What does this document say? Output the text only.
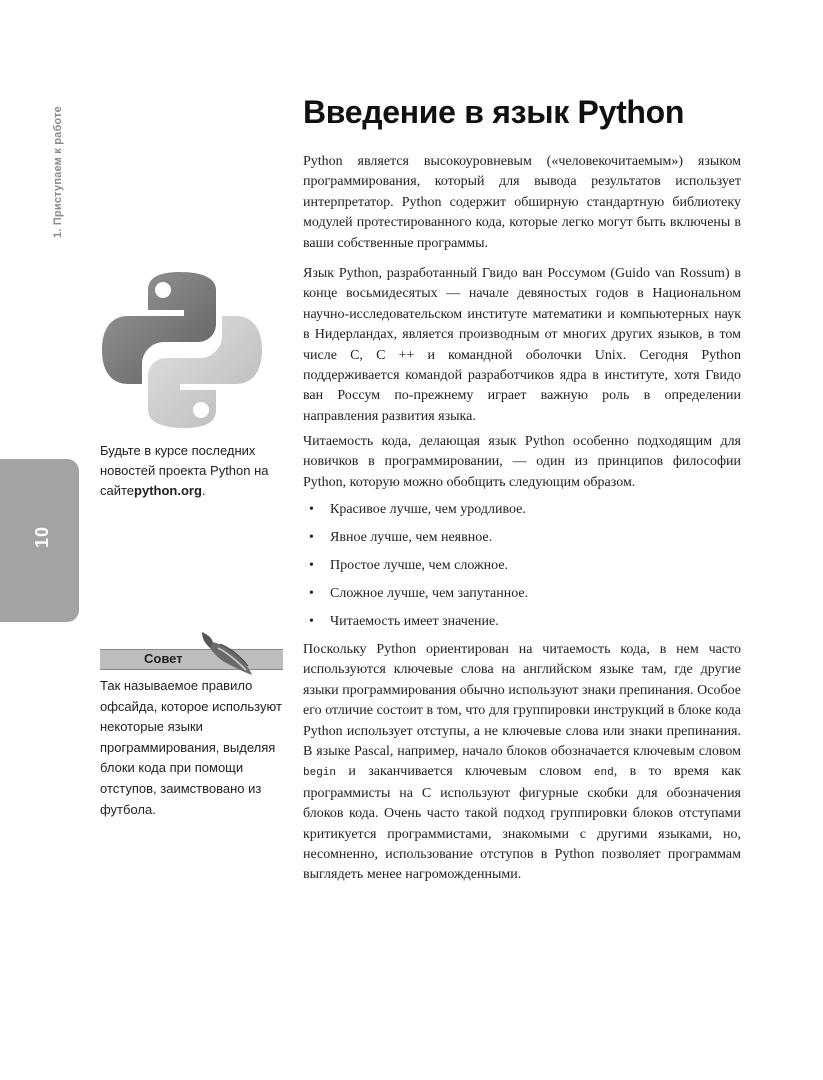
1. Приступаем к работе
10
Будьте в курсе последних новостей проекта Python на сайтеpython.org.
Совет
Так называемое правило офсайда, которое используют некоторые языки программирования, выделяя блоки кода при помощи отступов, заимствовано из футбола.
Введение в язык Python

Python является высокоуровневым («человекочитаемым») языком программирования, который для вывода результатов использует интерпретатор. Python содержит обширную стандартную библиотеку модулей протестированного кода, которые легко могут быть включены в ваши собственные программы.

Язык Python, разработанный Гвидо ван Россумом (Guido van Rossum) в конце восьмидесятых — начале девяностых годов в Национальном научно-исследовательском институте математики и компьютерных наук в Нидерландах, является производным от многих других языков, в том числе C, C ++ и командной оболочки Unix. Сегодня Python поддерживается командой разработчиков ядра в институте, хотя Гвидо ван Россум по-прежнему играет важную роль в определении направления развития языка.

Читаемость кода, делающая язык Python особенно подходящим для новичков в программировании, — один из принципов философии Python, которую можно обобщить следующим образом.

• Красивое лучше, чем уродливое.
• Явное лучше, чем неявное.
• Простое лучше, чем сложное.
• Сложное лучше, чем запутанное.
• Читаемость имеет значение.

Поскольку Python ориентирован на читаемость кода, в нем часто используются ключевые слова на английском языке там, где другие языки программирования обычно используют знаки препинания. Особое его отличие состоит в том, что для группировки инструкций в блоке кода Python использует отступы, а не ключевые слова или знаки препинания. В языке Pascal, например, начало блоков обозначается ключевым словом begin и заканчивается ключевым словом end, в то время как программисты на C используют фигурные скобки для обозначения блоков кода. Очень часто такой подход группировки блоков отступами критикуется программистами, знакомыми с другими языками, но, несомненно, использование отступов в Python позволяет программам выглядеть менее нагроможденными.
